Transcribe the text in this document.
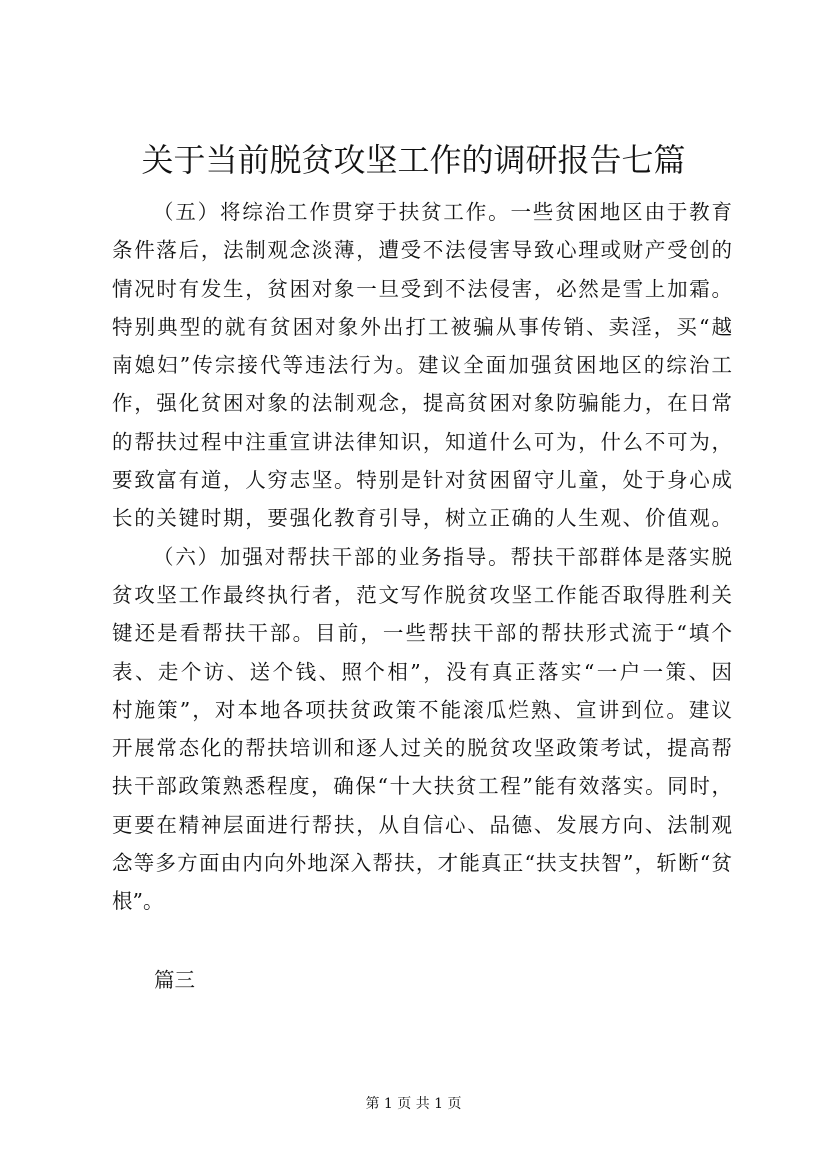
关于当前脱贫攻坚工作的调研报告七篇
（五）将综治工作贯穿于扶贫工作。一些贫困地区由于教育
条件落后，法制观念淡薄，遭受不法侵害导致心理或财产受创的
情况时有发生，贫困对象一旦受到不法侵害，必然是雪上加霜。
特别典型的就有贫困对象外出打工被骗从事传销、卖淫，买“越
南媳妇”传宗接代等违法行为。建议全面加强贫困地区的综治工
作，强化贫困对象的法制观念，提高贫困对象防骗能力，在日常
的帮扶过程中注重宣讲法律知识，知道什么可为，什么不可为，
要致富有道，人穷志坚。特别是针对贫困留守儿童，处于身心成
长的关键时期，要强化教育引导，树立正确的人生观、价值观。
（六）加强对帮扶干部的业务指导。帮扶干部群体是落实脱
贫攻坚工作最终执行者，范文写作脱贫攻坚工作能否取得胜利关
键还是看帮扶干部。目前，一些帮扶干部的帮扶形式流于“填个
表、走个访、送个钱、照个相”，没有真正落实“一户一策、因
村施策”，对本地各项扶贫政策不能滚瓜烂熟、宣讲到位。建议
开展常态化的帮扶培训和逐人过关的脱贫攻坚政策考试，提高帮
扶干部政策熟悉程度，确保“十大扶贫工程”能有效落实。同时，
更要在精神层面进行帮扶，从自信心、品德、发展方向、法制观
念等多方面由内向外地深入帮扶，才能真正“扶支扶智”，斩断“贫
根”。

篇三

第 1 页 共 1 页
